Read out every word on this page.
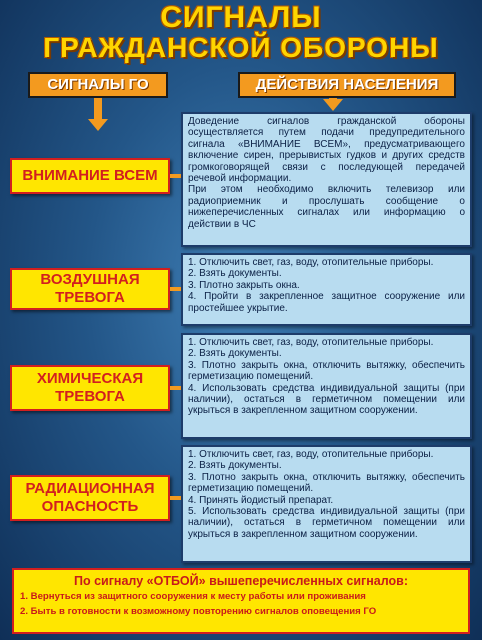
СИГНАЛЫ
ГРАЖДАНСКОЙ ОБОРОНЫ
СИГНАЛЫ ГО	ДЕЙСТВИЯ НАСЕЛЕНИЯ
ВНИМАНИЕ ВСЕМ

Доведение сигналов гражданской обороны осуществляется путем подачи предупредительного сигнала «ВНИМАНИЕ ВСЕМ», предусматривающего включение сирен, прерывистых гудков и других средств громкоговорящей связи с последующей передачей речевой информации.

При этом необходимо включить телевизор или радиоприемник и прослушать сообщение о нижеперечисленных сигналах или информацию о действии в ЧС

ВОЗДУШНАЯ
ТРЕВОГА

1. Отключить свет, газ, воду, отопительные приборы.

2. Взять документы.

3. Плотно закрыть окна.

4. Пройти в закрепленное защитное сооружение или простейшее укрытие.

ХИМИЧЕСКАЯ
ТРЕВОГА

1. Отключить свет, газ, воду, отопительные приборы.

2. Взять документы.

3. Плотно закрыть окна, отключить вытяжку, обеспечить герметизацию помещений.

4. Использовать средства индивидуальной защиты (при наличии), остаться в герметичном помещении или укрыться в закрепленном защитном сооружении.

РАДИАЦИОННАЯ
ОПАСНОСТЬ

1. Отключить свет, газ, воду, отопительные приборы.

2. Взять документы.

3. Плотно закрыть окна, отключить вытяжку, обеспечить герметизацию помещений.

4. Принять йодистый препарат.

5. Использовать средства индивидуальной защиты (при наличии), остаться в герметичном помещении или укрыться в закрепленном защитном сооружении.

По сигналу «ОТБОЙ» вышеперечисленных сигналов:
1. Вернуться из защитного сооружения к месту работы или проживания
2. Быть в готовности к возможному повторению сигналов оповещения ГО
